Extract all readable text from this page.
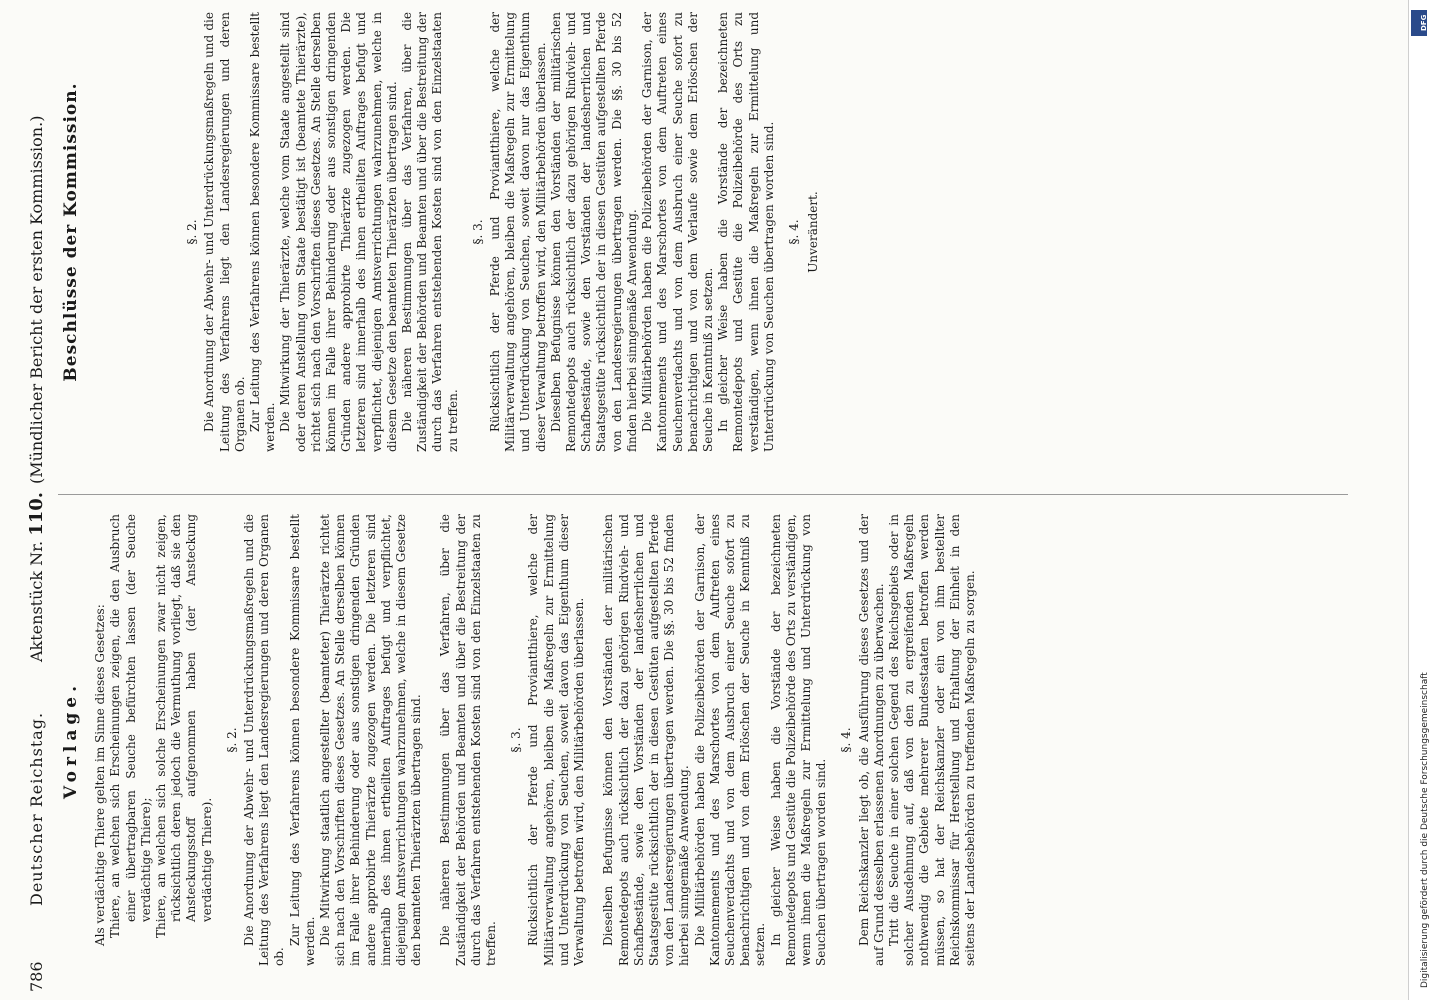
786
Deutscher Reichstag.
Aktenstück Nr. 110.
(Mündlicher Bericht der ersten Kommission.)
Vorlage. Als verdächtige Thiere gelten im Sinne dieses Gesetzes: Thiere, an welchen sich Erscheinungen zeigen, die den Ausbruch einer übertragbaren Seuche befürchten lassen (der Seuche verdächtige Thiere); Thiere, an welchen sich solche Erscheinungen zwar nicht zeigen, rücksichtlich deren jedoch die Vermuthung vorliegt, daß sie den Ansteckungsstoff aufgenommen haben (der Ansteckung verdächtige Thiere).

§. 2. Die Anordnung der Abwehr- und Unterdrückungsmaßregeln und die Leitung des Verfahrens liegt den Landesregierungen und deren Organen ob.

Zur Leitung des Verfahrens können besondere Kommissare bestellt werden. Die Mitwirkung staatlich angestellter (beamteter) Thierärzte richtet sich nach den Vorschriften dieses Gesetzes. An Stelle derselben können im Falle ihrer Behinderung oder aus sonstigen dringenden Gründen andere approbirte Thierärzte zugezogen werden. Die letzteren sind innerhalb des ihnen ertheilten Auftrages befugt und verpflichtet, diejenigen Amtsverrichtungen wahrzunehmen, welche in diesem Gesetze den beamteten Thierärzten übertragen sind. Die näheren Bestimmungen über das Verfahren, über die Zuständigkeit der Behörden und Beamten und über die Bestreitung der durch das Verfahren entstehenden Kosten sind von den Einzelstaaten zu treffen.

§. 3. Rücksichtlich der Pferde und Proviantthiere, welche der Militärverwaltung angehören, bleiben die Maßregeln zur Ermittelung und Unterdrückung von Seuchen, soweit davon das Eigenthum dieser Verwaltung betroffen wird, den Militärbehörden überlassen. Dieselben Befugnisse können den Vorständen der militärischen Remontedepots auch rücksichtlich der dazu gehörigen Rindvieh- und Schafbestände, sowie den Vorständen der landesherrlichen und Staatsgestüte rücksichtlich der in diesen Gestüten aufgestellten Pferde von den Landesregierungen übertragen werden. Die §§. 30 bis 52 finden hierbei sinngemäße Anwendung. Die Militärbehörden haben die Polizeibehörden der Garnison, der Kantonnements und des Marschortes von dem Auftreten eines Seuchenverdachts und von dem Ausbruch einer Seuche sofort zu benachrichtigen und von dem Erlöschen der Seuche in Kenntniß zu setzen. In gleicher Weise haben die Vorstände der bezeichneten Remontedepots und Gestüte die Polizeibehörde des Orts zu verständigen, wenn ihnen die Maßregeln zur Ermittelung und Unterdrückung von Seuchen übertragen worden sind.

§. 4. Dem Reichskanzler liegt ob, die Ausführung dieses Gesetzes und der auf Grund desselben erlassenen Anordnungen zu überwachen. Tritt die Seuche in einer solchen Gegend des Reichsgebiets oder in solcher Ausdehnung auf, daß von den zu ergreifenden Maßregeln nothwendig die Gebiete mehrerer Bundesstaaten betroffen werden müssen, so hat der Reichskanzler oder ein von ihm bestellter Reichskommissar für Herstellung und Erhaltung der Einheit in den seitens der Landesbehörden zu treffenden Maßregeln zu sorgen.

Beschlüsse der Kommission.	§. 2. Die Anordnung der Abwehr- und Unterdrückungsmaßregeln und die Leitung des Verfahrens liegt den Landesregierungen und deren Organen ob. Zur Leitung des Verfahrens können besondere Kommissare bestellt werden. Die Mitwirkung der Thierärzte, welche vom Staate angestellt sind oder deren Anstellung vom Staate bestätigt ist (beamtete Thierärzte), richtet sich nach den Vorschriften dieses Gesetzes. An Stelle derselben können im Falle ihrer Behinderung oder aus sonstigen dringenden Gründen andere approbirte Thierärzte zugezogen werden. Die letzteren sind innerhalb des ihnen ertheilten Auftrages befugt und verpflichtet, diejenigen Amtsverrichtungen wahrzunehmen, welche in diesem Gesetze den beamteten Thierärzten übertragen sind. Die näheren Bestimmungen über das Verfahren, über die Zuständigkeit der Behörden und Beamten und über die Bestreitung der durch das Verfahren entstehenden Kosten sind von den Einzelstaaten zu treffen.

§. 3. Rücksichtlich der Pferde und Proviantthiere, welche der Militärverwaltung angehören, bleiben die Maßregeln zur Ermittelung und Unterdrückung von Seuchen, soweit davon nur das Eigenthum dieser Verwaltung betroffen wird, den Militärbehörden überlassen. Dieselben Befugnisse können den Vorständen der militärischen Remontedepots auch rücksichtlich der dazu gehörigen Rindvieh- und Schafbestände, sowie den Vorständen der landesherrlichen und Staatsgestüte rücksichtlich der in diesen Gestüten aufgestellten Pferde von den Landesregierungen übertragen werden. Die §§. 30 bis 52 finden hierbei sinngemäße Anwendung. Die Militärbehörden haben die Polizeibehörden der Garnison, der Kantonnements und des Marschortes von dem Auftreten eines Seuchenverdachts und von dem Ausbruch einer Seuche sofort zu benachrichtigen und von dem Verlaufe sowie dem Erlöschen der Seuche in Kenntniß zu setzen. In gleicher Weise haben die Vorstände der bezeichneten Remontedepots und Gestüte die Polizeibehörde des Orts zu verständigen, wenn ihnen die Maßregeln zur Ermittelung und Unterdrückung von Seuchen übertragen worden sind. §. 4. Unverändert.
DFG
Digitalisierung gefördert durch die Deutsche Forschungsgemeinschaft
